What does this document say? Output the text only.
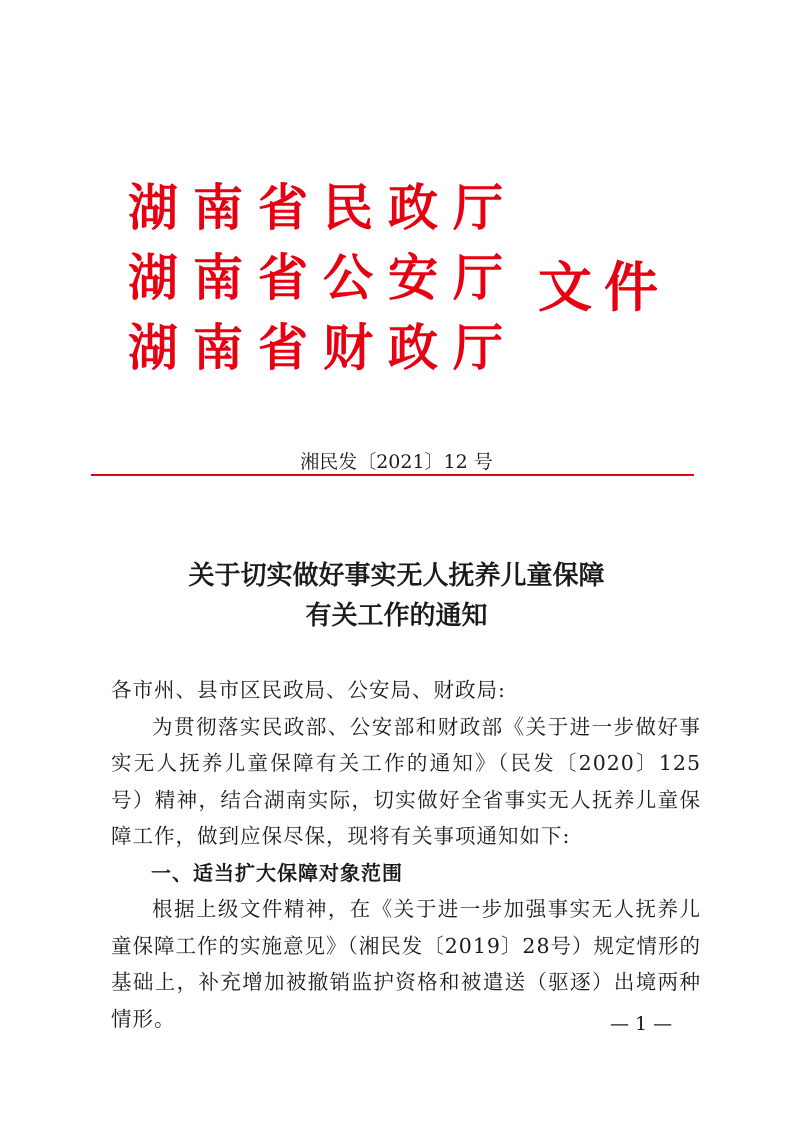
湖南省民政厅
湖南省公安厅
湖南省财政厅
文件
湘民发〔2021〕12 号
关于切实做好事实无人抚养儿童保障
有关工作的通知

各市州、县市区民政局、公安局、财政局:

为贯彻落实民政部、公安部和财政部《关于进一步做好事实无人抚养儿童保障有关工作的通知》（民发〔2020〕125 号）精神，结合湖南实际，切实做好全省事实无人抚养儿童保障工作，做到应保尽保，现将有关事项通知如下:

一、适当扩大保障对象范围

根据上级文件精神，在《关于进一步加强事实无人抚养儿童保障工作的实施意见》（湘民发〔2019〕28号）规定情形的基础上，补充增加被撤销监护资格和被遣送（驱逐）出境两种情形。	— 1 —
